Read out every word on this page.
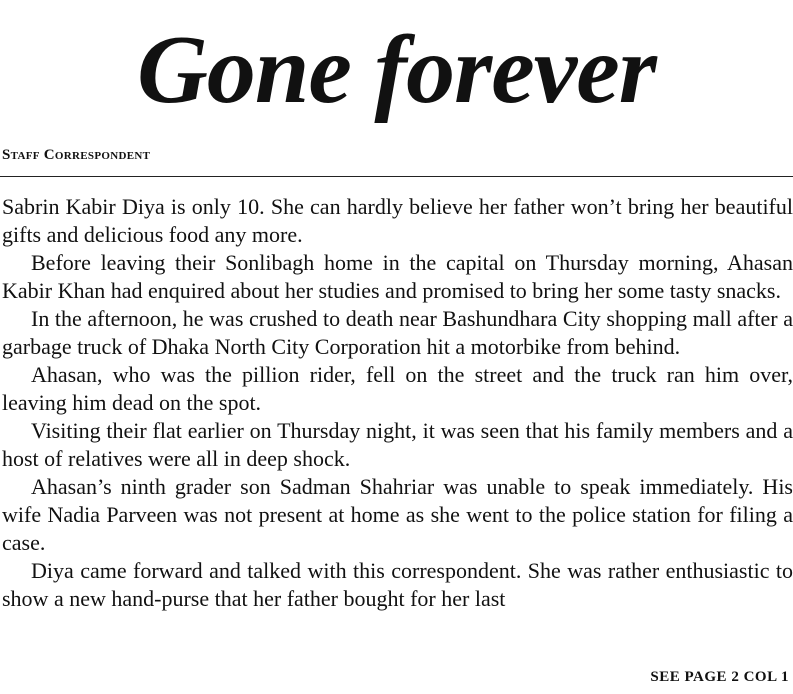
Gone forever
Staff Correspondent

Sabrin Kabir Diya is only 10. She can hardly believe her father won’t bring her beautiful gifts and delicious food any more.

Before leaving their Sonlibagh home in the capital on Thursday morning, Ahasan Kabir Khan had enquired about her studies and promised to bring her some tasty snacks.

In the afternoon, he was crushed to death near Bashundhara City shopping mall after a garbage truck of Dhaka North City Corporation hit a motorbike from behind.

Ahasan, who was the pillion rider, fell on the street and the truck ran him over, leaving him dead on the spot.

Visiting their flat earlier on Thursday night, it was seen that his family members and a host of relatives were all in deep shock.

Ahasan’s ninth grader son Sadman Shahriar was unable to speak immediately. His wife Nadia Parveen was not present at home as she went to the police station for filing a case.

Diya came forward and talked with this correspondent. She was rather enthusiastic to show a new hand-purse that her father bought for her last

SEE PAGE 2 COL 1
